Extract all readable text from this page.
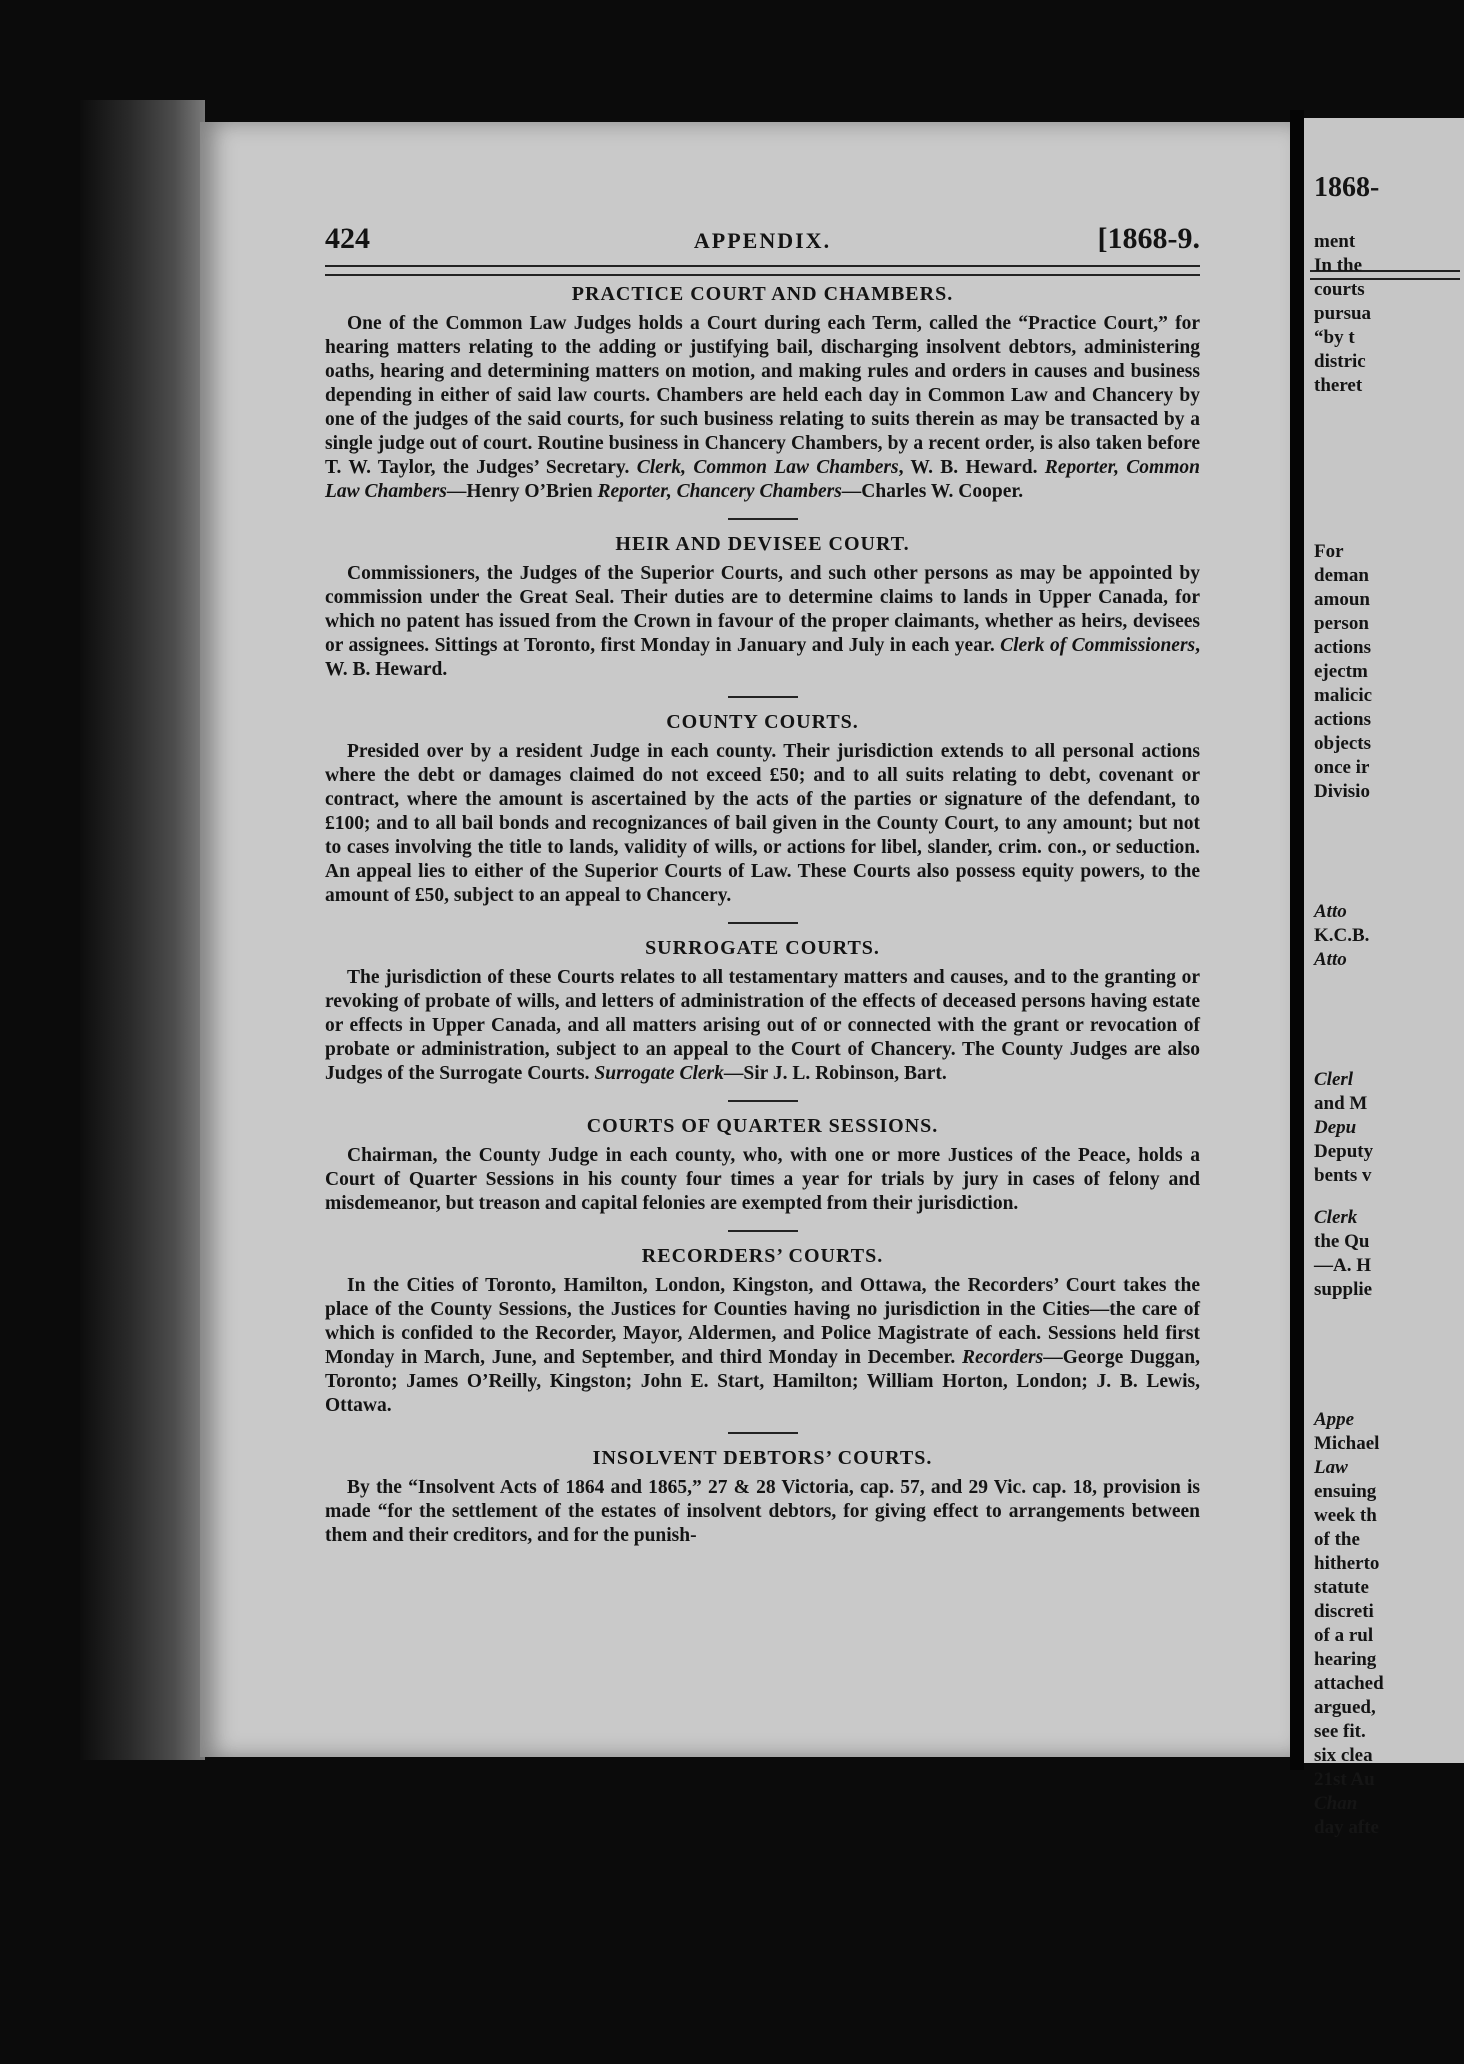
424	APPENDIX.	[1868-9.
PRACTICE COURT AND CHAMBERS.

One of the Common Law Judges holds a Court during each Term, called the “Practice Court,” for hearing matters relating to the adding or justifying bail, discharging insolvent debtors, administering oaths, hearing and determining matters on motion, and making rules and orders in causes and business depending in either of said law courts. Chambers are held each day in Common Law and Chancery by one of the judges of the said courts, for such business relating to suits therein as may be transacted by a single judge out of court. Routine business in Chancery Chambers, by a recent order, is also taken before T. W. Taylor, the Judges’ Secretary. Clerk, Common Law Chambers, W. B. Heward. Reporter, Common Law Chambers—Henry O’Brien Reporter, Chancery Chambers—Charles W. Cooper.

HEIR AND DEVISEE COURT.

Commissioners, the Judges of the Superior Courts, and such other persons as may be appointed by commission under the Great Seal. Their duties are to determine claims to lands in Upper Canada, for which no patent has issued from the Crown in favour of the proper claimants, whether as heirs, devisees or assignees. Sittings at Toronto, first Monday in January and July in each year. Clerk of Commissioners, W. B. Heward.

COUNTY COURTS.

Presided over by a resident Judge in each county. Their jurisdiction extends to all personal actions where the debt or damages claimed do not exceed £50; and to all suits relating to debt, covenant or contract, where the amount is ascertained by the acts of the parties or signature of the defendant, to £100; and to all bail bonds and recognizances of bail given in the County Court, to any amount; but not to cases involving the title to lands, validity of wills, or actions for libel, slander, crim. con., or seduction. An appeal lies to either of the Superior Courts of Law. These Courts also possess equity powers, to the amount of £50, subject to an appeal to Chancery.

SURROGATE COURTS.

The jurisdiction of these Courts relates to all testamentary matters and causes, and to the granting or revoking of probate of wills, and letters of administration of the effects of deceased persons having estate or effects in Upper Canada, and all matters arising out of or connected with the grant or revocation of probate or administration, subject to an appeal to the Court of Chancery. The County Judges are also Judges of the Surrogate Courts. Surrogate Clerk—Sir J. L. Robinson, Bart.

COURTS OF QUARTER SESSIONS.

Chairman, the County Judge in each county, who, with one or more Justices of the Peace, holds a Court of Quarter Sessions in his county four times a year for trials by jury in cases of felony and misdemeanor, but treason and capital felonies are exempted from their jurisdiction.

RECORDERS’ COURTS.

In the Cities of Toronto, Hamilton, London, Kingston, and Ottawa, the Recorders’ Court takes the place of the County Sessions, the Justices for Counties having no jurisdiction in the Cities—the care of which is confided to the Recorder, Mayor, Aldermen, and Police Magistrate of each. Sessions held first Monday in March, June, and September, and third Monday in December. Recorders—George Duggan, Toronto; James O’Reilly, Kingston; John E. Start, Hamilton; William Horton, London; J. B. Lewis, Ottawa.

INSOLVENT DEBTORS’ COURTS.

By the “Insolvent Acts of 1864 and 1865,” 27 & 28 Victoria, cap. 57, and 29 Vic. cap. 18, provision is made “for the settlement of the estates of insolvent debtors, for giving effect to arrangements between them and their creditors, and for the punish-

1868-
ment
In the
courts
pursua
“by t
distric
theret
For
deman
amoun
person
actions
ejectm
malicic
actions
objects
once ir
Divisio
Atto
K.C.B.
Atto
Clerl
and M
Depu
Deputy
bents v
Clerk
the Qu
—A. H
supplie
Appe
Michael
Law
ensuing
week th
of the
hitherto
statute
discreti
of a rul
hearing
attached
argued,
see fit.
six clea
21st Au
Chan
day afte
